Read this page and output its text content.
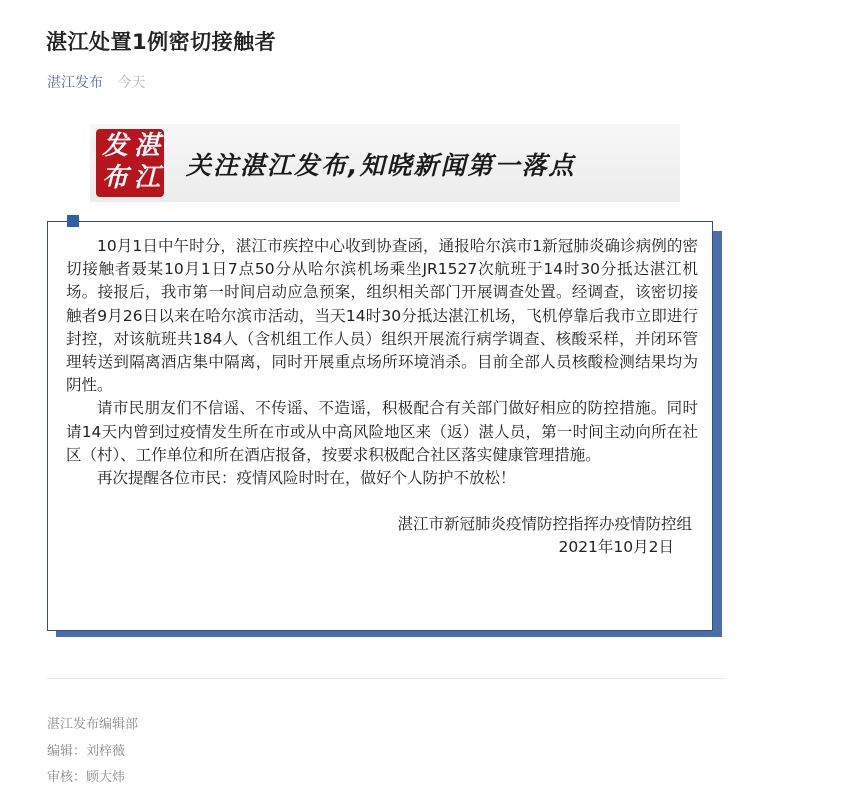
湛江处置1例密切接触者
湛江发布 今天
湛
江
发
布 关注湛江发布,知晓新闻第一落点

10月1日中午时分，湛江市疾控中心收到协查函，通报哈尔滨市1新冠肺炎确诊病例的密切接触者聂某10月1日7点50分从哈尔滨机场乘坐JR1527次航班于14时30分抵达湛江机场。接报后，我市第一时间启动应急预案，组织相关部门开展调查处置。经调查，该密切接触者9月26日以来在哈尔滨市活动，当天14时30分抵达湛江机场，飞机停靠后我市立即进行封控，对该航班共184人（含机组工作人员）组织开展流行病学调查、核酸采样，并闭环管理转送到隔离酒店集中隔离，同时开展重点场所环境消杀。目前全部人员核酸检测结果均为阴性。

请市民朋友们不信谣、不传谣、不造谣，积极配合有关部门做好相应的防控措施。同时请14天内曾到过疫情发生所在市或从中高风险地区来（返）湛人员，第一时间主动向所在社区（村）、工作单位和所在酒店报备，按要求积极配合社区落实健康管理措施。

再次提醒各位市民：疫情风险时时在，做好个人防护不放松！

湛江市新冠肺炎疫情防控指挥办疫情防控组

2021年10月2日

湛江发布编辑部
编辑：刘梓薇
审核：顾大炜
